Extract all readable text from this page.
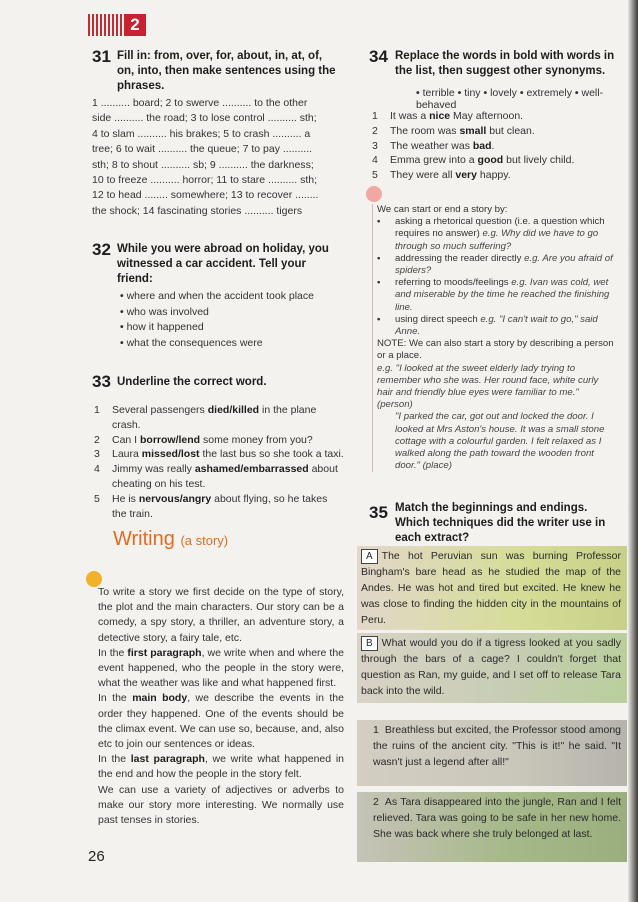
2
31 Fill in: from, over, for, about, in, at, of, on, into, then make sentences using the phrases.
1 .......... board; 2 to swerve .......... to the other
side .......... the road; 3 to lose control .......... sth;
4 to slam .......... his brakes; 5 to crash .......... a
tree; 6 to wait .......... the queue; 7 to pay ..........
sth; 8 to shout .......... sb; 9 .......... the darkness;
10 to freeze .......... horror; 11 to stare .......... sth;
12 to head ........ somewhere; 13 to recover ........
the shock; 14 fascinating stories .......... tigers
32 While you were abroad on holiday, you witnessed a car accident. Tell your friend:
• where and when the accident took place
• who was involved
• how it happened
• what the consequences were
33 Underline the correct word.
1 Several passengers died/killed in the plane crash.
2 Can I borrow/lend some money from you?
3 Laura missed/lost the last bus so she took a taxi.
4 Jimmy was really ashamed/embarrassed about cheating on his test.
5 He is nervous/angry about flying, so he takes the train.
Writing (a story)
To write a story we first decide on the type of story, the plot and the main characters. Our story can be a comedy, a spy story, a thriller, an adventure story, a detective story, a fairy tale, etc.
In the first paragraph, we write when and where the event happened, who the people in the story were, what the weather was like and what happened first.
In the main body, we describe the events in the order they happened. One of the events should be the climax event. We can use so, because, and, also etc to join our sentences or ideas.
In the last paragraph, we write what happened in the end and how the people in the story felt.
We can use a variety of adjectives or adverbs to make our story more interesting. We normally use past tenses in stories.
26
34 Replace the words in bold with words in the list, then suggest other synonyms.
• terrible • tiny • lovely • extremely • well-behaved
1 It was a nice May afternoon.
2 The room was small but clean.
3 The weather was bad.
4 Emma grew into a good but lively child.
5 They were all very happy.
We can start or end a story by:
• asking a rhetorical question (i.e. a question which requires no answer) e.g. Why did we have to go through so much suffering?
• addressing the reader directly e.g. Are you afraid of spiders?
• referring to moods/feelings e.g. Ivan was cold, wet and miserable by the time he reached the finishing line.
• using direct speech e.g. "I can't wait to go," said Anne.
NOTE: We can also start a story by describing a person or a place.
e.g. "I looked at the sweet elderly lady trying to remember who she was. Her round face, white curly hair and friendly blue eyes were familiar to me." (person)
"I parked the car, got out and locked the door. I looked at Mrs Aston's house. It was a small stone cottage with a colourful garden. I felt relaxed as I walked along the path toward the wooden front door." (place)
35 Match the beginnings and endings. Which techniques did the writer use in each extract?
A The hot Peruvian sun was burning Professor Bingham's bare head as he studied the map of the Andes. He was hot and tired but excited. He knew he was close to finding the hidden city in the mountains of Peru.
B What would you do if a tigress looked at you sadly through the bars of a cage? I couldn't forget that question as Ran, my guide, and I set off to release Tara back into the wild.
1 Breathless but excited, the Professor stood among the ruins of the ancient city. "This is it!" he said. "It wasn't just a legend after all!"
2 As Tara disappeared into the jungle, Ran and I felt relieved. Tara was going to be safe in her new home. She was back where she truly belonged at last.
